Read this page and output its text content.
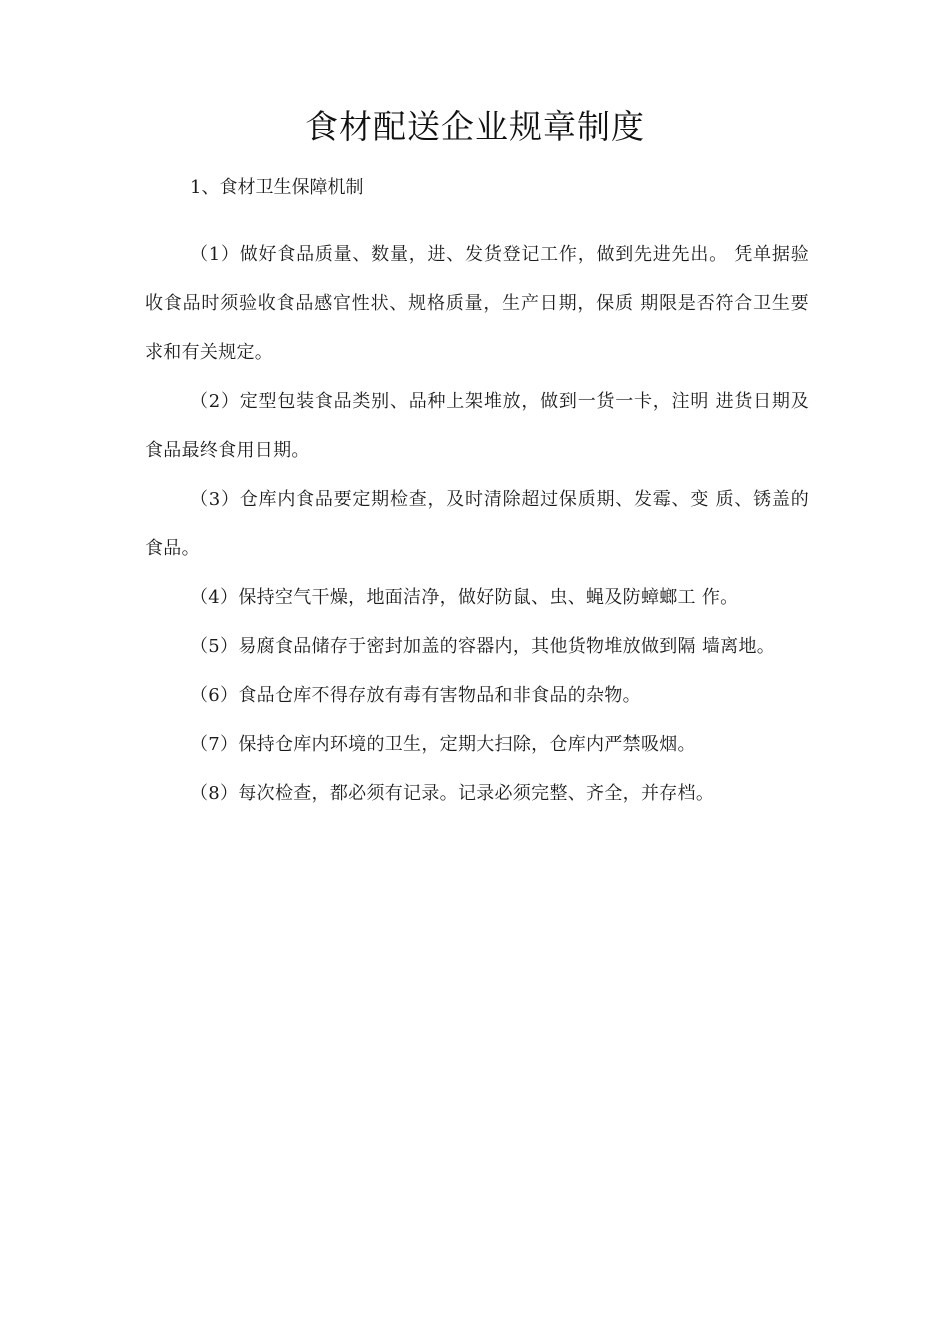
食材配送企业规章制度
1、食材卫生保障机制

（1）做好食品质量、数量，进、发货登记工作，做到先进先出。 凭单据验收食品时须验收食品感官性状、规格质量，生产日期，保质 期限是否符合卫生要求和有关规定。

（2）定型包装食品类别、品种上架堆放，做到一货一卡，注明 进货日期及食品最终食用日期。

（3）仓库内食品要定期检查，及时清除超过保质期、发霉、变 质、锈盖的食品。

（4）保持空气干燥，地面洁净，做好防鼠、虫、蝇及防蟑螂工 作。

（5）易腐食品储存于密封加盖的容器内，其他货物堆放做到隔 墙离地。

（6）食品仓库不得存放有毒有害物品和非食品的杂物。

（7）保持仓库内环境的卫生，定期大扫除，仓库内严禁吸烟。

（8）每次检查，都必须有记录。记录必须完整、齐全，并存档。
